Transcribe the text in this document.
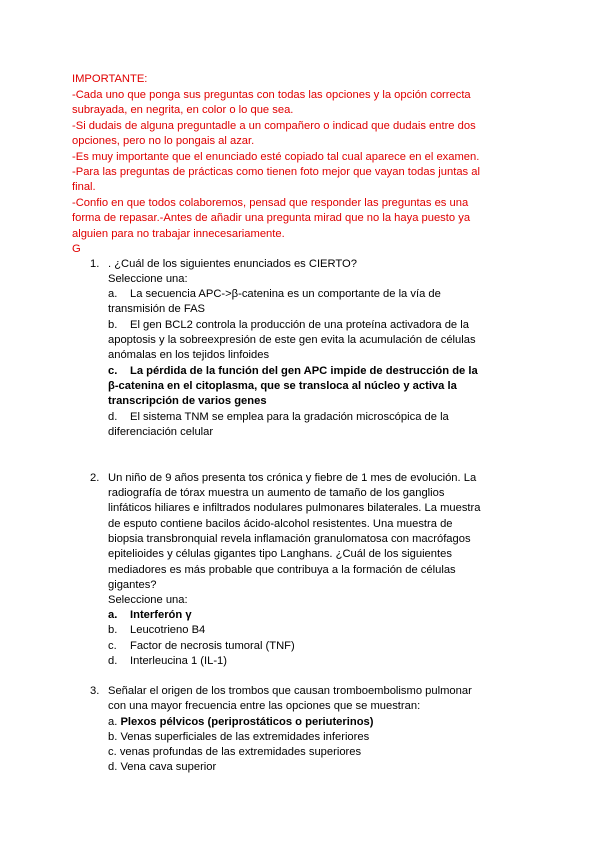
IMPORTANTE:
-Cada uno que ponga sus preguntas con todas las opciones y la opción correcta
subrayada, en negrita, en color o lo que sea.
-Si dudais de alguna preguntadle a un compañero o indicad que dudais entre dos
opciones, pero no lo pongais al azar.
-Es muy importante que el enunciado esté copiado tal cual aparece en el examen.
-Para las preguntas de prácticas como tienen foto mejor que vayan todas juntas al
final.
-Confio en que todos colaboremos, pensad que responder las preguntas es una
forma de repasar.-Antes de añadir una pregunta mirad que no la haya puesto ya
alguien para no trabajar innecesariamente.
G
1. . ¿Cuál de los siguientes enunciados es CIERTO?
Seleccione una:
a. La secuencia APC->β-catenina es un comportante de la vía de
transmisión de FAS
b. El gen BCL2 controla la producción de una proteína activadora de la
apoptosis y la sobreexpresión de este gen evita la acumulación de células
anómalas en los tejidos linfoides
c. La pérdida de la función del gen APC impide de destrucción de la
β-catenina en el citoplasma, que se transloca al núcleo y activa la
transcripción de varios genes
d. El sistema TNM se emplea para la gradación microscópica de la
diferenciación celular
2. Un niño de 9 años presenta tos crónica y fiebre de 1 mes de evolución. La
radiografía de tórax muestra un aumento de tamaño de los ganglios
linfáticos hiliares e infiltrados nodulares pulmonares bilaterales. La muestra
de esputo contiene bacilos ácido-alcohol resistentes. Una muestra de
biopsia transbronquial revela inflamación granulomatosa con macrófagos
epitelioides y células gigantes tipo Langhans. ¿Cuál de los siguientes
mediadores es más probable que contribuya a la formación de células
gigantes?
Seleccione una:
a. Interferón γ
b. Leucotrieno B4
c. Factor de necrosis tumoral (TNF)
d. Interleucina 1 (IL-1)
3. Señalar el origen de los trombos que causan tromboembolismo pulmonar
con una mayor frecuencia entre las opciones que se muestran:
a. Plexos pélvicos (periprostáticos o periuterinos)
b. Venas superficiales de las extremidades inferiores
c. venas profundas de las extremidades superiores
d. Vena cava superior
